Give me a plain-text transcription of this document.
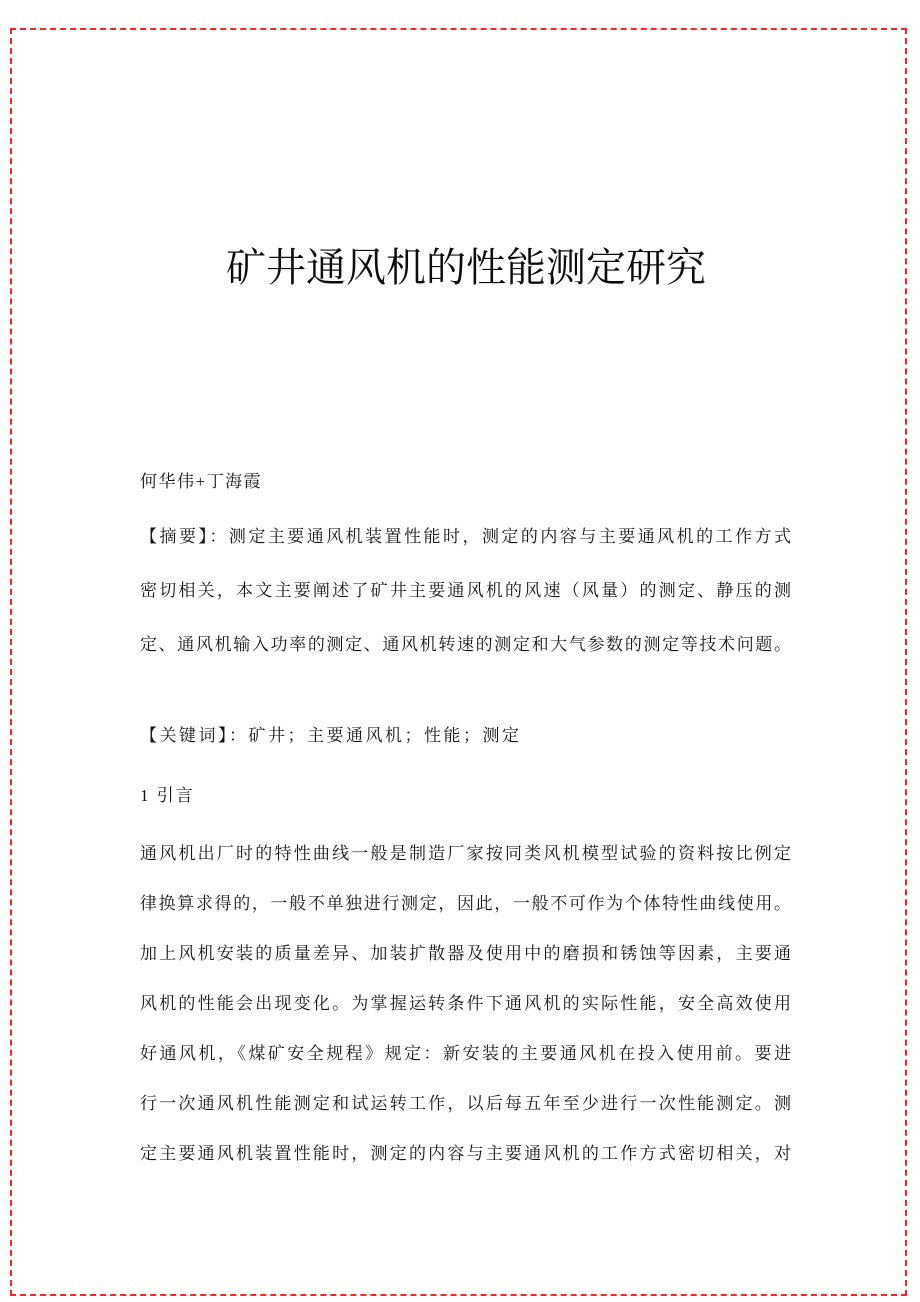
矿井通风机的性能测定研究
何华伟+丁海霞
【摘要】：测定主要通风机装置性能时，测定的内容与主要通风机的工作方式
密切相关，本文主要阐述了矿井主要通风机的风速（风量）的测定、静压的测
定、通风机输入功率的测定、通风机转速的测定和大气参数的测定等技术问题。
【关键词】：矿井；主要通风机；性能；测定
1 引言
通风机出厂时的特性曲线一般是制造厂家按同类风机模型试验的资料按比例定
律换算求得的，一般不单独进行测定，因此，一般不可作为个体特性曲线使用。
加上风机安装的质量差异、加装扩散器及使用中的磨损和锈蚀等因素，主要通
风机的性能会出现变化。为掌握运转条件下通风机的实际性能，安全高效使用
好通风机，《煤矿安全规程》规定：新安装的主要通风机在投入使用前。要进
行一次通风机性能测定和试运转工作，以后每五年至少进行一次性能测定。测
定主要通风机装置性能时，测定的内容与主要通风机的工作方式密切相关，对
